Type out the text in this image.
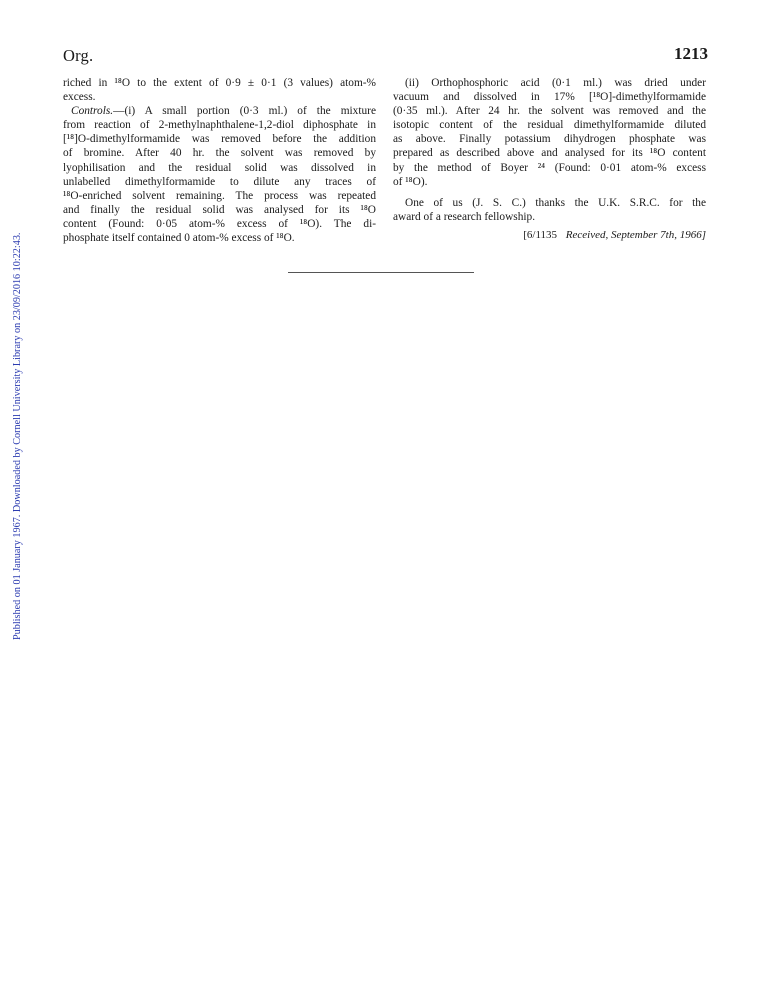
Published on 01 January 1967. Downloaded by Cornell University Library on 23/09/2016 10:22:43.
Org.	1213
riched in ¹⁸O to the extent of 0·9 ± 0·1 (3 values) atom-%
excess.
Controls.—(i) A small portion (0·3 ml.) of the mixture
from reaction of 2-methylnaphthalene-1,2-diol diphosphate in
[¹⁸]O-dimethylformamide was removed before the addition
of bromine. After 40 hr. the solvent was removed by
lyophilisation and the residual solid was dissolved in
unlabelled dimethylformamide to dilute any traces of
¹⁸O-enriched solvent remaining. The process was repeated
and finally the residual solid was analysed for its ¹⁸O
content (Found: 0·05 atom-% excess of ¹⁸O). The di-
phosphate itself contained 0 atom-% excess of ¹⁸O.
(ii) Orthophosphoric acid (0·1 ml.) was dried under
vacuum and dissolved in 17% [¹⁸O]-dimethylformamide
(0·35 ml.). After 24 hr. the solvent was removed and the
isotopic content of the residual dimethylformamide diluted
as above. Finally potassium dihydrogen phosphate was
prepared as described above and analysed for its ¹⁸O content
by the method of Boyer ²⁴ (Found: 0·01 atom-% excess
of ¹⁸O).
One of us (J. S. C.) thanks the U.K. S.R.C. for the
award of a research fellowship.
[6/1135 Received, September 7th, 1966]
